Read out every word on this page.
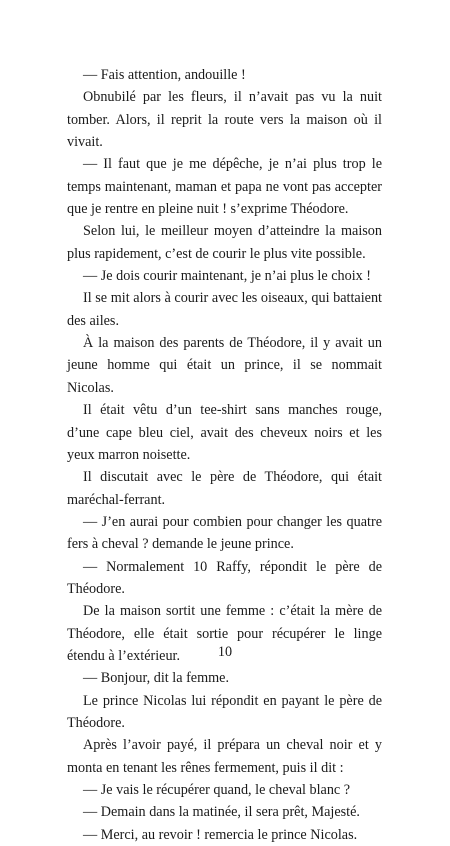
— Fais attention, andouille !

Obnubilé par les fleurs, il n’avait pas vu la nuit tomber. Alors, il reprit la route vers la maison où il vivait.

— Il faut que je me dépêche, je n’ai plus trop le temps maintenant, maman et papa ne vont pas accepter que je rentre en pleine nuit ! s’exprime Théodore.

Selon lui, le meilleur moyen d’atteindre la maison plus rapidement, c’est de courir le plus vite possible.

— Je dois courir maintenant, je n’ai plus le choix !

Il se mit alors à courir avec les oiseaux, qui battaient des ailes.

À la maison des parents de Théodore, il y avait un jeune homme qui était un prince, il se nommait Nicolas.

Il était vêtu d’un tee-shirt sans manches rouge, d’une cape bleu ciel, avait des cheveux noirs et les yeux marron noisette.

Il discutait avec le père de Théodore, qui était maréchal-ferrant.

— J’en aurai pour combien pour changer les quatre fers à cheval ? demande le jeune prince.

— Normalement 10 Raffy, répondit le père de Théodore.

De la maison sortit une femme : c’était la mère de Théodore, elle était sortie pour récupérer le linge étendu à l’extérieur.

— Bonjour, dit la femme.

Le prince Nicolas lui répondit en payant le père de Théodore.

Après l’avoir payé, il prépara un cheval noir et y monta en tenant les rênes fermement, puis il dit :

— Je vais le récupérer quand, le cheval blanc ?

— Demain dans la matinée, il sera prêt, Majesté.

— Merci, au revoir ! remercia le prince Nicolas.

10
